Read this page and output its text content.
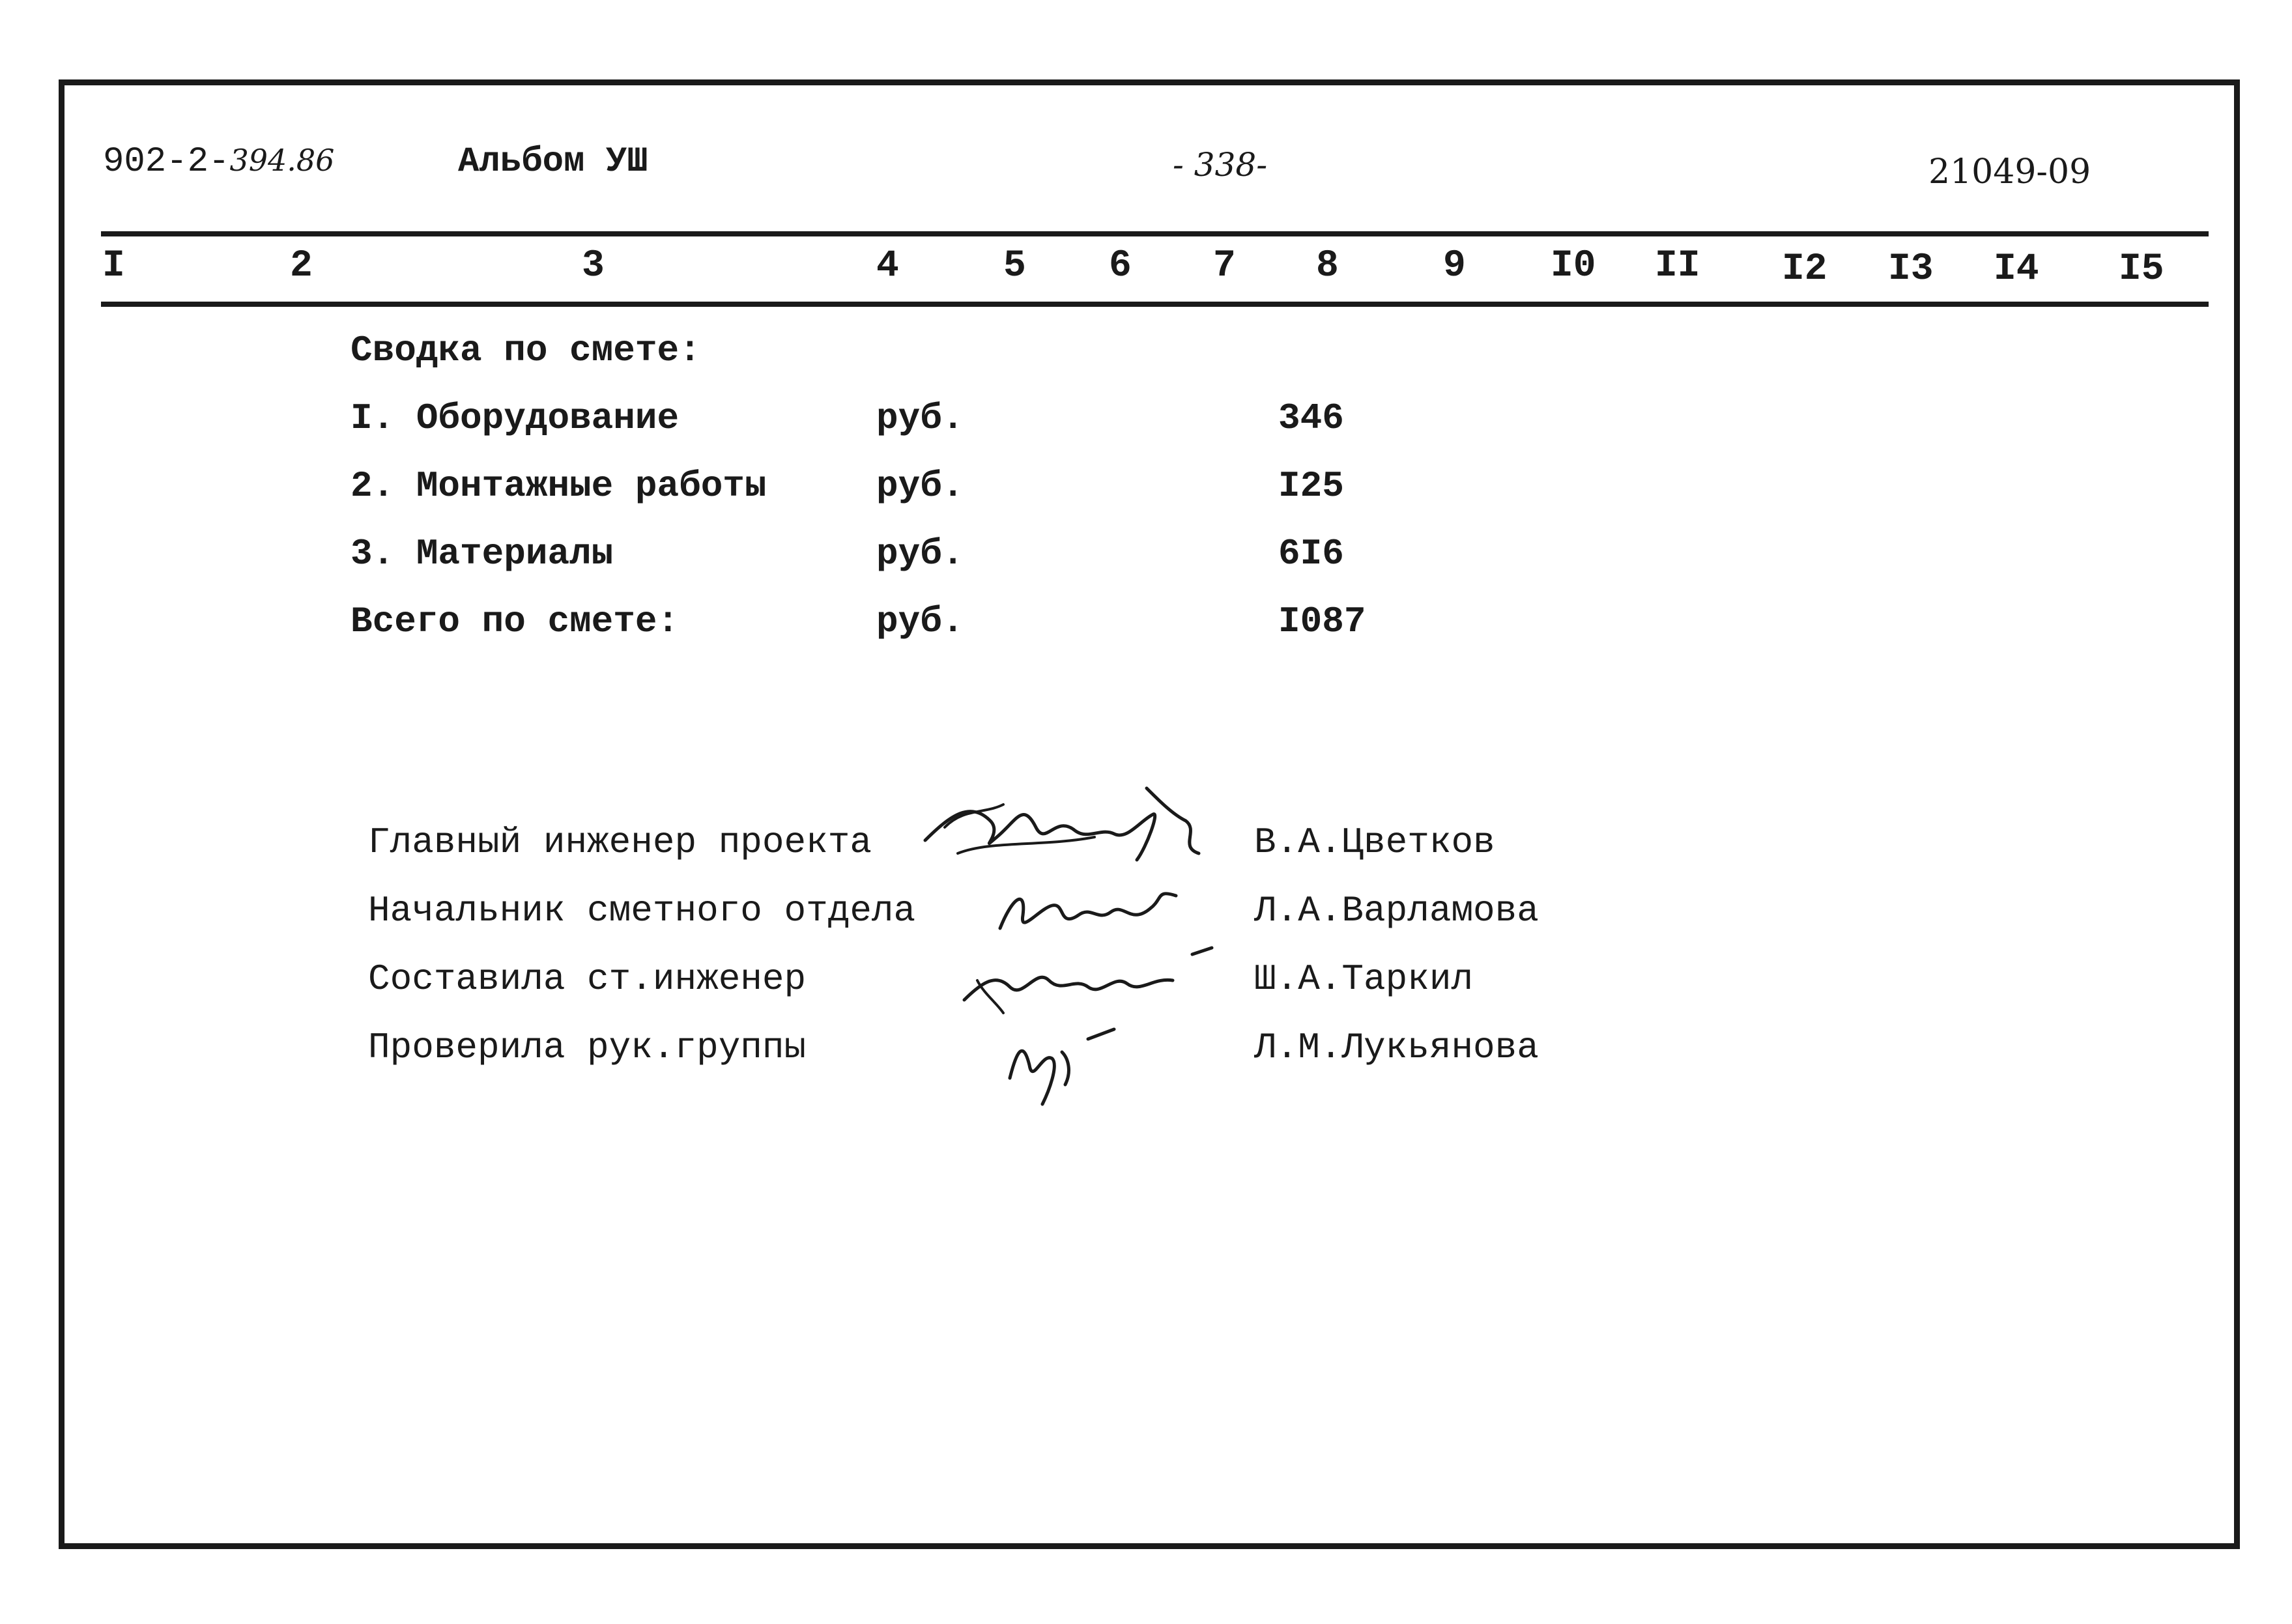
902-2-394.86	Альбом УШ	- 338-	21049-09
I	2	3	4	5 6 7 8	9 I0 II I2 I3 I4 I5
Сводка по смете:
I. Оборудование	руб.	346
2. Монтажные работы	руб.	I25
3. Материалы	руб.	6I6
Всего по смете:	руб.	I087
Главный инженер проекта	В.А.Цветков
Начальник сметного отдела	Л.А.Варламова
Составила ст.инженер	Ш.А.Таркил
Проверила рук.группы	Л.М.Лукьянова
